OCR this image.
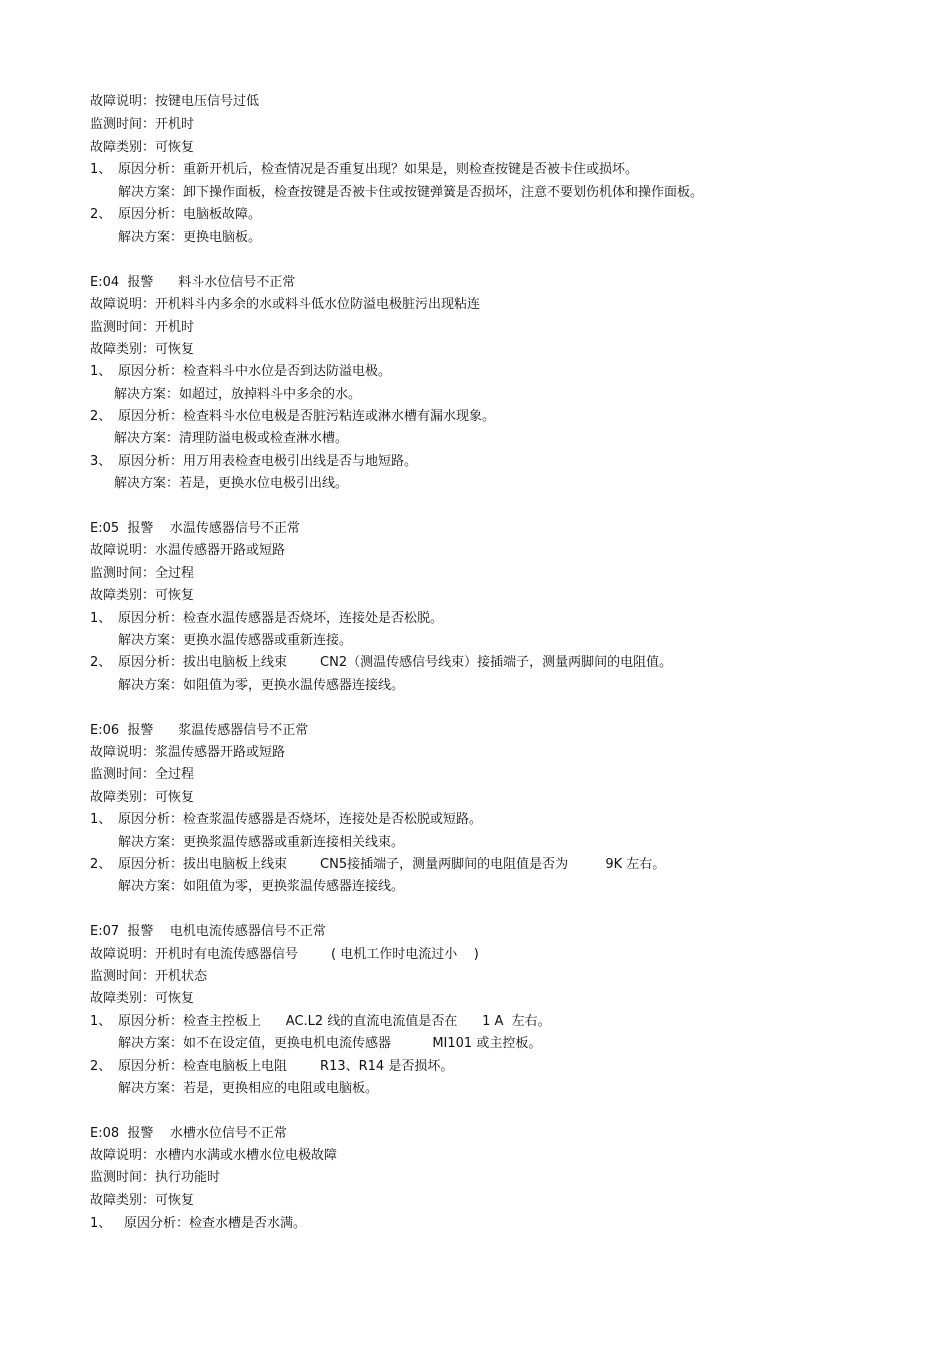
故障说明：按键电压信号过低
监测时间：开机时
故障类别：可恢复
1、 原因分析：重新开机后，检查情况是否重复出现？如果是，则检查按键是否被卡住或损坏。
解决方案：卸下操作面板，检查按键是否被卡住或按键弹簧是否损坏，注意不要划伤机体和操作面板。
2、 原因分析：电脑板故障。
解决方案：更换电脑板。
E:04  报警      料斗水位信号不正常
故障说明：开机料斗内多余的水或料斗低水位防溢电极脏污出现粘连
监测时间：开机时
故障类别：可恢复
1、 原因分析：检查料斗中水位是否到达防溢电极。
解决方案：如超过，放掉料斗中多余的水。
2、 原因分析：检查料斗水位电极是否脏污粘连或淋水槽有漏水现象。
解决方案：清理防溢电极或检查淋水槽。
3、 原因分析：用万用表检查电极引出线是否与地短路。
解决方案：若是，更换水位电极引出线。
E:05  报警    水温传感器信号不正常
故障说明：水温传感器开路或短路
监测时间：全过程
故障类别：可恢复
1、 原因分析：检查水温传感器是否烧坏，连接处是否松脱。
解决方案：更换水温传感器或重新连接。
2、 原因分析：拔出电脑板上线束        CN2（测温传感信号线束）接插端子，测量两脚间的电阻值。
解决方案：如阻值为零，更换水温传感器连接线。
E:06  报警      浆温传感器信号不正常
故障说明：浆温传感器开路或短路
监测时间：全过程
故障类别：可恢复
1、 原因分析：检查浆温传感器是否烧坏，连接处是否松脱或短路。
解决方案：更换浆温传感器或重新连接相关线束。
2、 原因分析：拔出电脑板上线束        CN5接插端子，测量两脚间的电阻值是否为         9K 左右。
解决方案：如阻值为零，更换浆温传感器连接线。
E:07  报警    电机电流传感器信号不正常
故障说明：开机时有电流传感器信号        ( 电机工作时电流过小    )
监测时间：开机状态
故障类别：可恢复
1、 原因分析：检查主控板上      AC.L2 线的直流电流值是否在      1 A  左右。
解决方案：如不在设定值，更换电机电流传感器          MI101 或主控板。
2、 原因分析：检查电脑板上电阻        R13、R14 是否损坏。
解决方案：若是，更换相应的电阻或电脑板。
E:08  报警    水槽水位信号不正常
故障说明：水槽内水满或水槽水位电极故障
监测时间：执行功能时
故障类别：可恢复
1、 原因分析：检查水槽是否水满。
